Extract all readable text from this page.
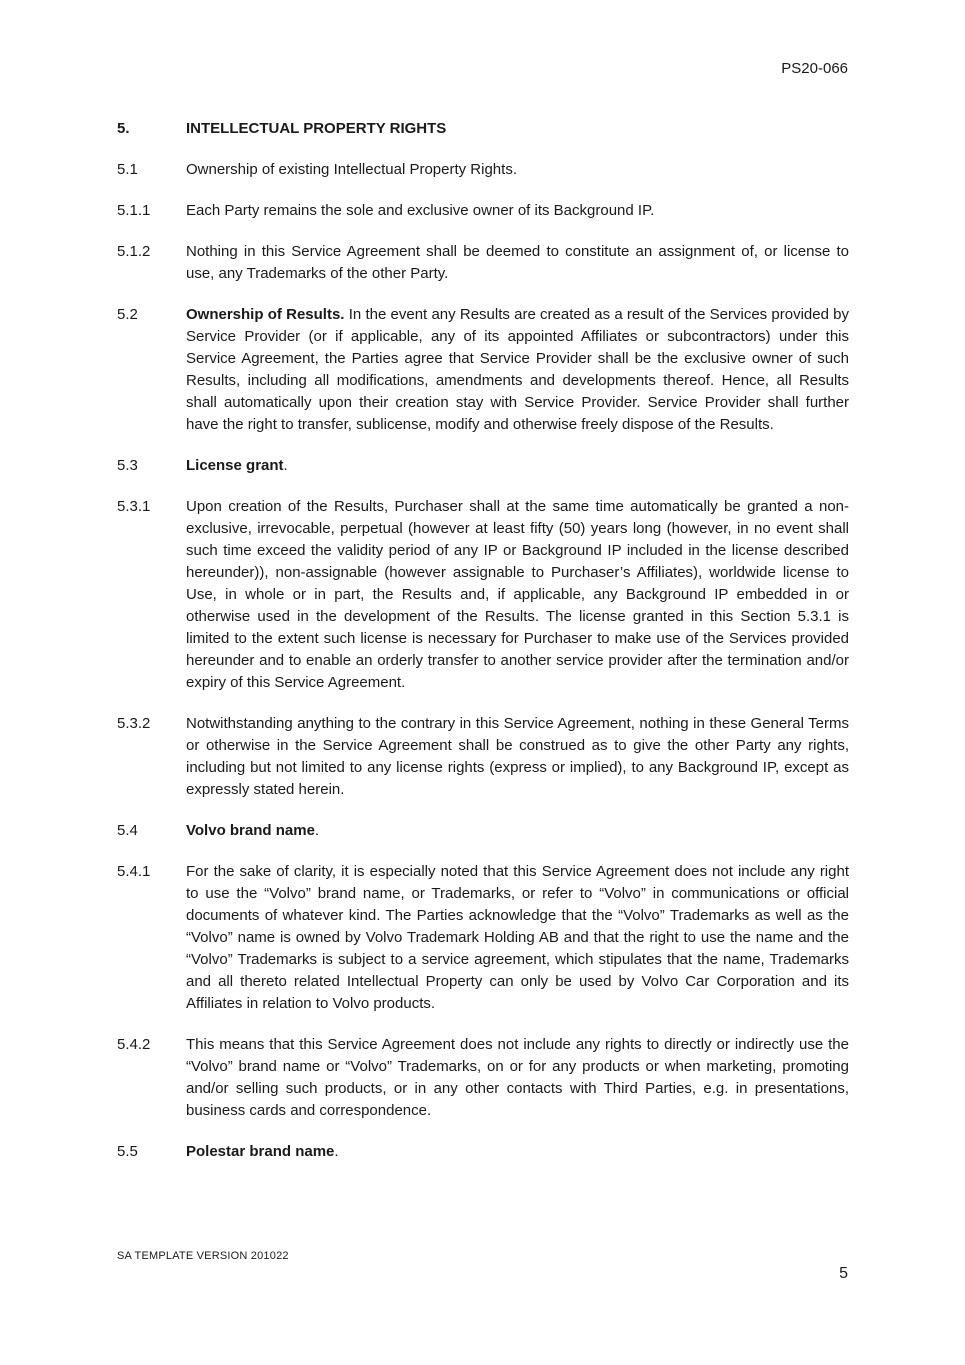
PS20-066
5.	INTELLECTUAL PROPERTY RIGHTS
5.1	Ownership of existing Intellectual Property Rights.
5.1.1	Each Party remains the sole and exclusive owner of its Background IP.
5.1.2	Nothing in this Service Agreement shall be deemed to constitute an assignment of, or license to use, any Trademarks of the other Party.
5.2	Ownership of Results. In the event any Results are created as a result of the Services provided by Service Provider (or if applicable, any of its appointed Affiliates or subcontractors) under this Service Agreement, the Parties agree that Service Provider shall be the exclusive owner of such Results, including all modifications, amendments and developments thereof. Hence, all Results shall automatically upon their creation stay with Service Provider. Service Provider shall further have the right to transfer, sublicense, modify and otherwise freely dispose of the Results.
5.3	License grant.
5.3.1	Upon creation of the Results, Purchaser shall at the same time automatically be granted a non-exclusive, irrevocable, perpetual (however at least fifty (50) years long (however, in no event shall such time exceed the validity period of any IP or Background IP included in the license described hereunder)), non-assignable (however assignable to Purchaser’s Affiliates), worldwide license to Use, in whole or in part, the Results and, if applicable, any Background IP embedded in or otherwise used in the development of the Results. The license granted in this Section 5.3.1 is limited to the extent such license is necessary for Purchaser to make use of the Services provided hereunder and to enable an orderly transfer to another service provider after the termination and/or expiry of this Service Agreement.
5.3.2	Notwithstanding anything to the contrary in this Service Agreement, nothing in these General Terms or otherwise in the Service Agreement shall be construed as to give the other Party any rights, including but not limited to any license rights (express or implied), to any Background IP, except as expressly stated herein.
5.4	Volvo brand name.
5.4.1	For the sake of clarity, it is especially noted that this Service Agreement does not include any right to use the “Volvo” brand name, or Trademarks, or refer to “Volvo” in communications or official documents of whatever kind. The Parties acknowledge that the “Volvo” Trademarks as well as the “Volvo” name is owned by Volvo Trademark Holding AB and that the right to use the name and the “Volvo” Trademarks is subject to a service agreement, which stipulates that the name, Trademarks and all thereto related Intellectual Property can only be used by Volvo Car Corporation and its Affiliates in relation to Volvo products.
5.4.2	This means that this Service Agreement does not include any rights to directly or indirectly use the “Volvo” brand name or “Volvo” Trademarks, on or for any products or when marketing, promoting and/or selling such products, or in any other contacts with Third Parties, e.g. in presentations, business cards and correspondence.
5.5	Polestar brand name.
SA TEMPLATE VERSION 201022
5
